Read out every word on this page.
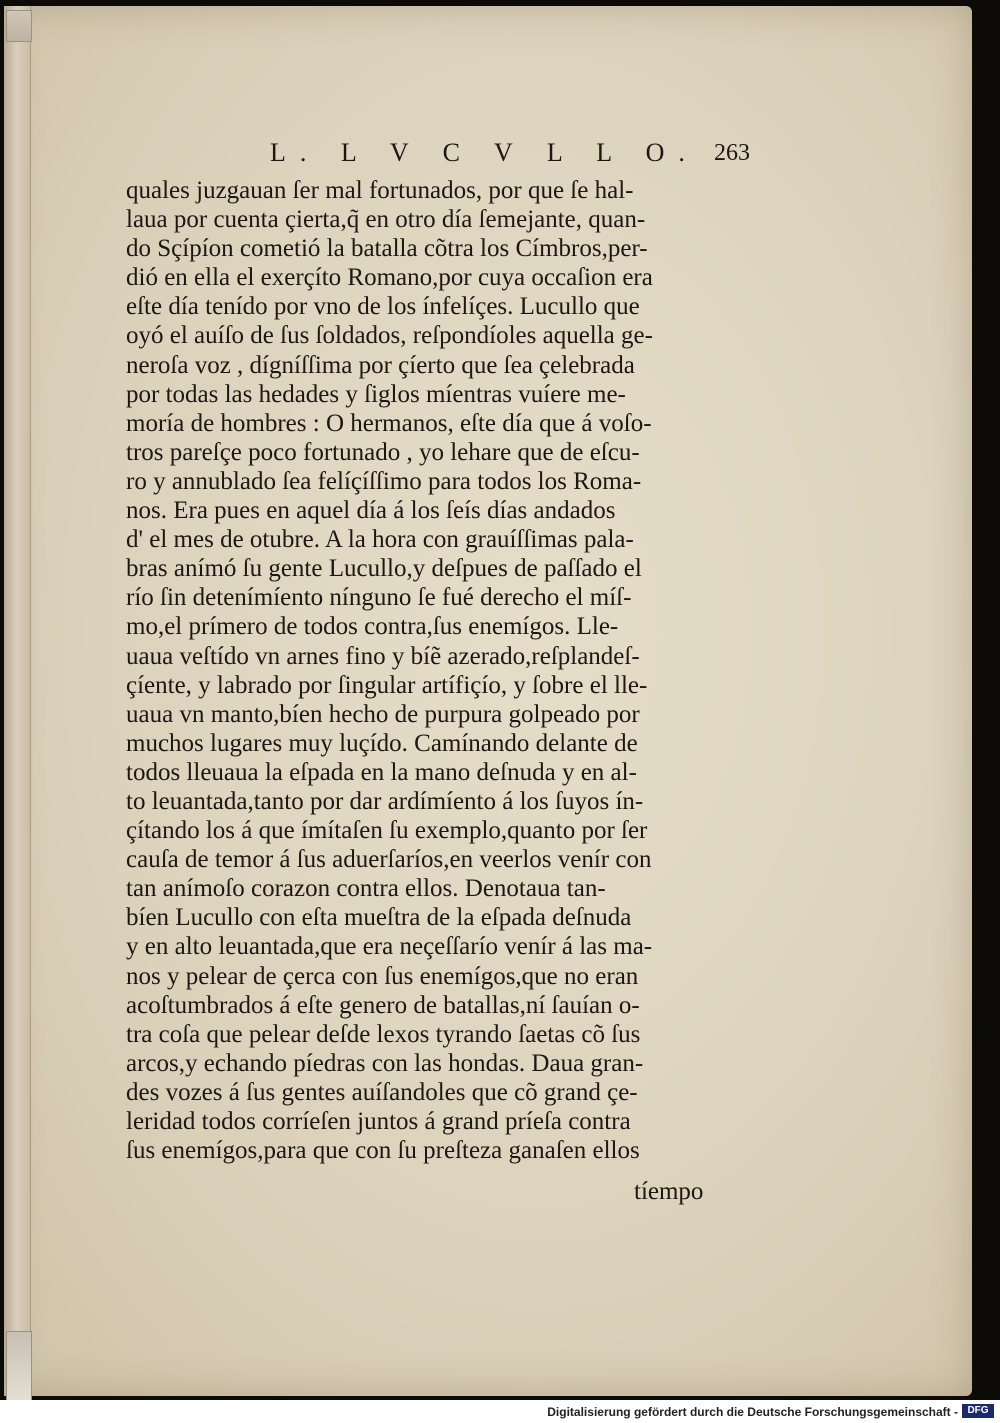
L. L V C V L L O. 263
quales juzgauan ſer mal fortunados, por que ſe hal-
laua por cuenta çierta,q̃ en otro día ſemejante, quan-
do Sçípíon cometió la batalla cõtra los Címbros,per-
dió en ella el exerçíto Romano,por cuya occaſion era
eſte día tenído por vno de los ínfelíçes. Lucullo que
oyó el auíſo de ſus ſoldados, reſpondíoles aquella ge-
neroſa voz , dígníſſima por çíerto que ſea çelebrada
por todas las hedades y ſiglos míentras vuíere me-
moría de hombres : O hermanos, eſte día que á voſo-
tros pareſçe poco fortunado , yo lehare que de eſcu-
ro y annublado ſea felíçíſſimo para todos los Roma-
nos. Era pues en aquel día á los ſeís días andados
d' el mes de otubre. A la hora con grauíſſimas pala-
bras anímó ſu gente Lucullo,y deſpues de paſſado el
río ſin detenímíento nínguno ſe fué derecho el míſ-
mo,el prímero de todos contra,ſus enemígos. Lle-
uaua veſtído vn arnes fino y bíẽ azerado,reſplandeſ-
çíente, y labrado por ſingular artífiçío, y ſobre el lle-
uaua vn manto,bíen hecho de purpura golpeado por
muchos lugares muy luçído. Camínando delante de
todos lleuaua la eſpada en la mano deſnuda y en al-
to leuantada,tanto por dar ardímíento á los ſuyos ín-
çítando los á que ímítaſen ſu exemplo,quanto por ſer
cauſa de temor á ſus aduerſaríos,en veerlos venír con
tan anímoſo corazon contra ellos. Denotaua tan-
bíen Lucullo con eſta mueſtra de la eſpada deſnuda
y en alto leuantada,que era neçeſſarío venír á las ma-
nos y pelear de çerca con ſus enemígos,que no eran
acoſtumbrados á eſte genero de batallas,ní ſauían o-
tra coſa que pelear deſde lexos tyrando ſaetas cõ ſus
arcos,y echando píedras con las hondas. Daua gran-
des vozes á ſus gentes auíſandoles que cõ grand çe-
leridad todos corríeſen juntos á grand príeſa contra
ſus enemígos,para que con ſu preſteza ganaſen ellos
tíempo
Digitalisierung gefördert durch die Deutsche Forschungsgemeinschaft - DFG
